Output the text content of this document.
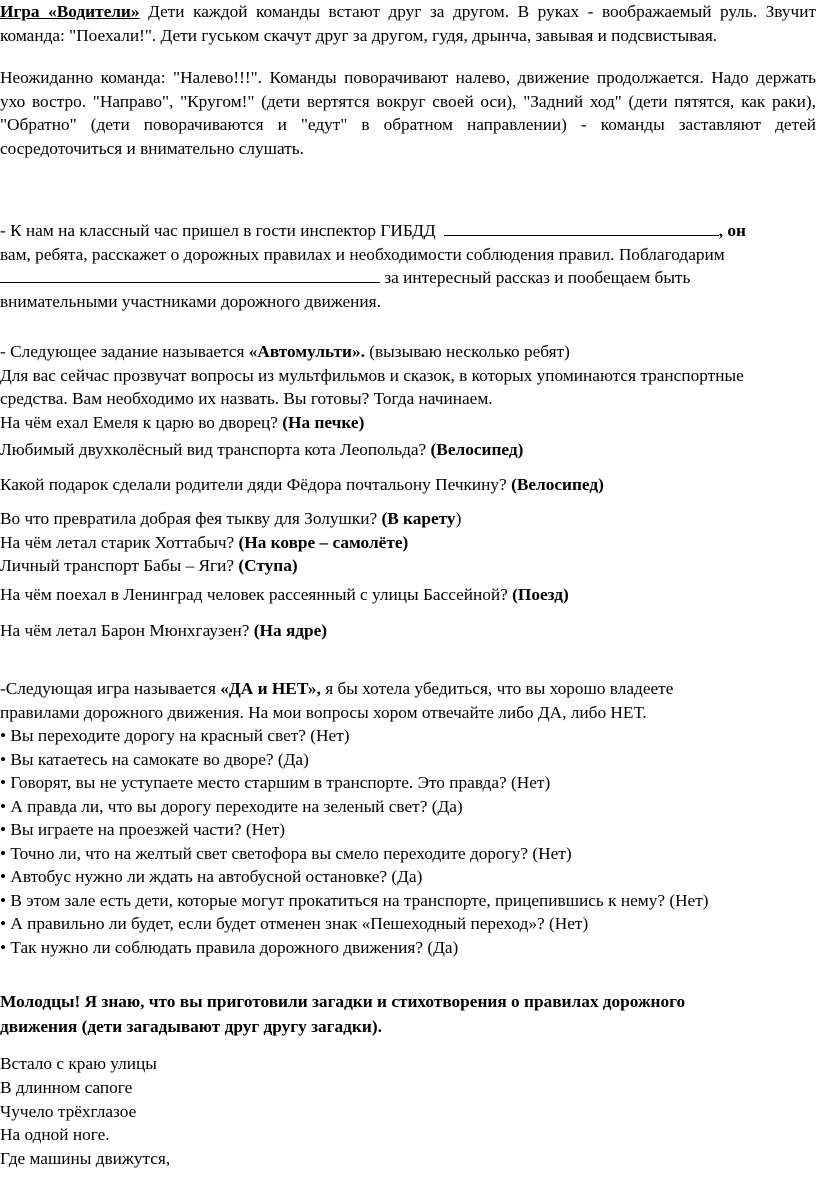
Игра «Водители» Дети каждой команды встают друг за другом. В руках - воображаемый руль. Звучит команда: "Поехали!". Дети гуськом скачут друг за другом, гудя, дрынча, завывая и подсвистывая.

Неожиданно команда: "Налево!!!". Команды поворачивают налево, движение продолжается. Надо держать ухо востро. "Направо", "Кругом!" (дети вертятся вокруг своей оси), "Задний ход" (дети пятятся, как раки), "Обратно" (дети поворачиваются и "едут" в обратном направлении) - команды заставляют детей сосредоточиться и внимательно слушать.

- К нам на классный час пришел в гости инспектор ГИБДД	, он
вам, ребята, расскажет о дорожных правилах и необходимости соблюдения правил. Поблагодарим
за интересный рассказ и пообещаем быть
внимательными участниками дорожного движения.
- Следующее задание называется «Автомульти». (вызываю несколько ребят)
Для вас сейчас прозвучат вопросы из мультфильмов и сказок, в которых упоминаются транспортные
средства. Вам необходимо их назвать. Вы готовы? Тогда начинаем.
На чём ехал Емеля к царю во дворец? (На печке)
Любимый двухколёсный вид транспорта кота Леопольда? (Велосипед)
Какой подарок сделали родители дяди Фёдора почтальону Печкину? (Велосипед)
Во что превратила добрая фея тыкву для Золушки? (В карету)
На чём летал старик Хоттабыч? (На ковре – самолёте)
Личный транспорт Бабы – Яги? (Ступа)
На чём поехал в Ленинград человек рассеянный с улицы Бассейной? (Поезд)
На чём летал Барон Мюнхгаузен? (На ядре)
-Следующая игра называется «ДА и НЕТ», я бы хотела убедиться, что вы хорошо владеете
правилами дорожного движения. На мои вопросы хором отвечайте либо ДА, либо НЕТ.
• Вы переходите дорогу на красный свет? (Нет)
• Вы катаетесь на самокате во дворе? (Да)
• Говорят, вы не уступаете место старшим в транспорте. Это правда? (Нет)
• А правда ли, что вы дорогу переходите на зеленый свет? (Да)
• Вы играете на проезжей части? (Нет)
• Точно ли, что на желтый свет светофора вы смело переходите дорогу? (Нет)
• Автобус нужно ли ждать на автобусной остановке? (Да)
• В этом зале есть дети, которые могут прокатиться на транспорте, прицепившись к нему? (Нет)
• А правильно ли будет, если будет отменен знак «Пешеходный переход»? (Нет)
• Так нужно ли соблюдать правила дорожного движения? (Да)
Молодцы! Я знаю, что вы приготовили загадки и стихотворения о правилах дорожного
движения (дети загадывают друг другу загадки).
Встало с краю улицы
В длинном сапоге
Чучело трёхглазое
На одной ноге.
Где машины движутся,
